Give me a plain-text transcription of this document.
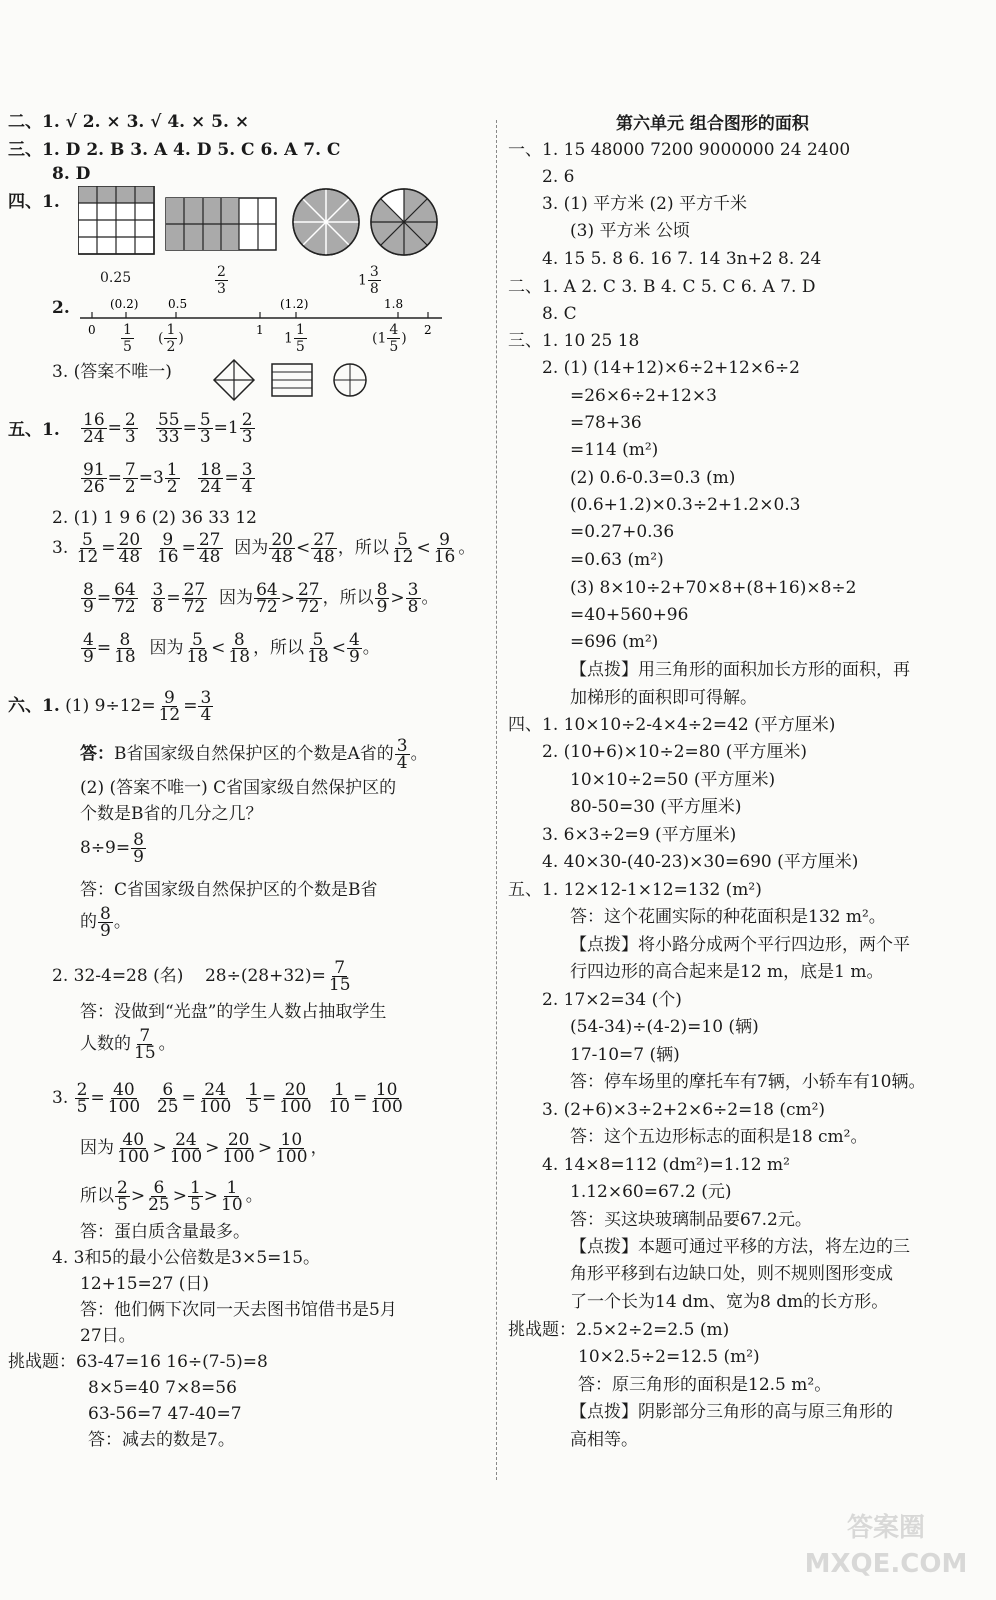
二、1. √ 2. × 3. √ 4. × 5. ×
三、1. D 2. B 3. A 4. D 5. C 6. A 7. C
8. D
四、1.
0.25	$\frac{2}{3}$	$1 \frac{3}{8}$
2.	(0.2) 0.5	(1.2)	1.8
0	1	2
$\frac{1}{5}$ ( $\frac{1}{2}$ )	$1 \frac{1}{5}$	($1 \frac{4}{5}$ )
3. (答案不唯一)
五、1. $\frac{16}{24} = \frac{2}{3}$
$\frac{55}{33} = \frac{5}{3} =1 \frac{2}{3}$
$\frac{91}{26} = \frac{7}{2} =3 \frac{1}{2}$
$\frac{18}{24} = \frac{3}{4}$
2. (1) 1 9 6 (2) 36 33 12
3. $\frac{5}{12} = \frac{20}{48}$
$\frac{9}{16} = \frac{27}{48}$ 因为 $\frac{20}{48} < \frac{27}{48}$ ，所以 $\frac{5}{12} < \frac{9}{16}$ 。
$\frac{8}{9} = \frac{64}{72}$
$\frac{3}{8} = \frac{27}{72}$ 因为 $\frac{64}{72} > \frac{27}{72}$ ，所以 $\frac{8}{9} > \frac{3}{8}$ 。
$\frac{4}{9} = \frac{8}{18}$ 因为 $\frac{5}{18} < \frac{8}{18}$ ，所以 $\frac{5}{18} < \frac{4}{9}$ 。
六、1. (1) $9\div 12= \frac{9}{12} = \frac{3}{4}$
答：B省国家级自然保护区的个数是A省的 $\frac{3}{4}$ 。
(2) (答案不唯一) C省国家级自然保护区的
个数是B省的几分之几？
$8\div 9= \frac{8}{9}$
答：C省国家级自然保护区的个数是B省
的 $\frac{8}{9}$ 。
2. 32-4=28 (名)    $28\div(28+32)= \frac{7}{15}$
答：没做到“光盘”的学生人数占抽取学生
人数的 $\frac{7}{15}$ 。
3. $\frac{2}{5} = \frac{40}{100}$
$\frac{6}{25} = \frac{24}{100}$
$\frac{1}{5} = \frac{20}{100}$
$\frac{1}{10} = \frac{10}{100}$
因为 $\frac{40}{100} > \frac{24}{100} > \frac{20}{100} > \frac{10}{100}$ ，
所以 $\frac{2}{5} > \frac{6}{25} > \frac{1}{5} > \frac{1}{10}$ 。
答：蛋白质含量最多。
4. 3和5的最小公倍数是3×5=15。
12+15=27 (日)
答：他们俩下次同一天去图书馆借书是5月
27日。
挑战题：63-47=16 16÷(7-5)=8
8×5=40 7×8=56
63-56=7 47-40=7
答：减去的数是7。
第六单元 组合图形的面积
一、1. 15 48000 7200 9000000 24 2400
2. 6
3. (1) 平方米 (2) 平方千米
(3) 平方米 公顷
4. 15 5. 8 6. 16 7. 14 3n+2 8. 24
二、1. A 2. C 3. B 4. C 5. C 6. A 7. D
8. C
三、1. 10 25 18
2. (1) (14+12)×6÷2+12×6÷2
=26×6÷2+12×3
=78+36
=114 (m²)
(2) 0.6-0.3=0.3 (m)
(0.6+1.2)×0.3÷2+1.2×0.3
=0.27+0.36
=0.63 (m²)
(3) 8×10÷2+70×8+(8+16)×8÷2
=40+560+96
=696 (m²)
【点拨】用三角形的面积加长方形的面积，再
加梯形的面积即可得解。
四、1. 10×10÷2-4×4÷2=42 (平方厘米)
2. (10+6)×10÷2=80 (平方厘米)
10×10÷2=50 (平方厘米)
80-50=30 (平方厘米)
3. 6×3÷2=9 (平方厘米)
4. 40×30-(40-23)×30=690 (平方厘米)
五、1. 12×12-1×12=132 (m²)
答：这个花圃实际的种花面积是132 m²。
【点拨】将小路分成两个平行四边形，两个平
行四边形的高合起来是12 m，底是1 m。
2. 17×2=34 (个)
(54-34)÷(4-2)=10 (辆)
17-10=7 (辆)
答：停车场里的摩托车有7辆，小轿车有10辆。
3. (2+6)×3÷2+2×6÷2=18 (cm²)
答：这个五边形标志的面积是18 cm²。
4. 14×8=112 (dm²)=1.12 m²
1.12×60=67.2 (元)
答：买这块玻璃制品要67.2元。
【点拨】本题可通过平移的方法，将左边的三
角形平移到右边缺口处，则不规则图形变成
了一个长为14 dm、宽为8 dm的长方形。
挑战题：2.5×2÷2=2.5 (m)
10×2.5÷2=12.5 (m²)
答：原三角形的面积是12.5 m²。
【点拨】阴影部分三角形的高与原三角形的
高相等。
答案圈 MXQE.COM
